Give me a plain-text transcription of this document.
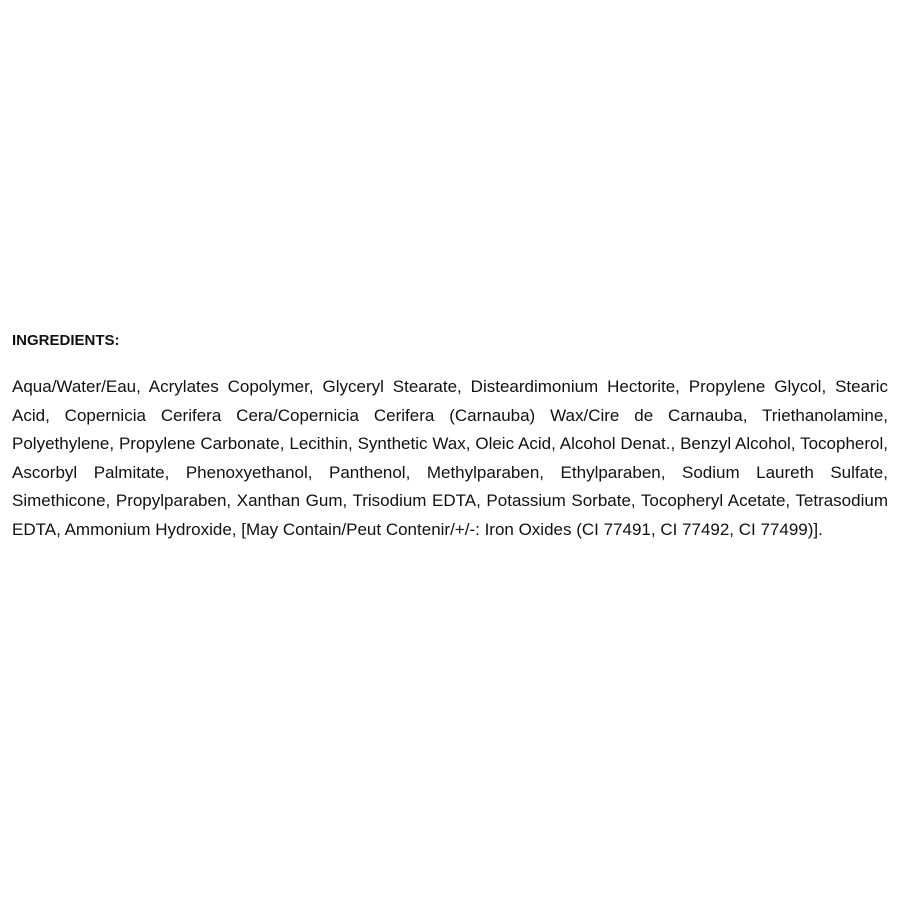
INGREDIENTS:

Aqua/Water/Eau, Acrylates Copolymer, Glyceryl Stearate, Disteardimonium Hectorite, Propylene Glycol, Stearic Acid, Copernicia Cerifera Cera/Copernicia Cerifera (Carnauba) Wax/Cire de Carnauba, Triethanolamine, Polyethylene, Propylene Carbonate, Lecithin, Synthetic Wax, Oleic Acid, Alcohol Denat., Benzyl Alcohol, Tocopherol, Ascorbyl Palmitate, Phenoxyethanol, Panthenol, Methylparaben, Ethylparaben, Sodium Laureth Sulfate, Simethicone, Propylparaben, Xanthan Gum, Trisodium EDTA, Potassium Sorbate, Tocopheryl Acetate, Tetrasodium EDTA, Ammonium Hydroxide, [May Contain/Peut Contenir/+/-: Iron Oxides (CI 77491, CI 77492, CI 77499)].
